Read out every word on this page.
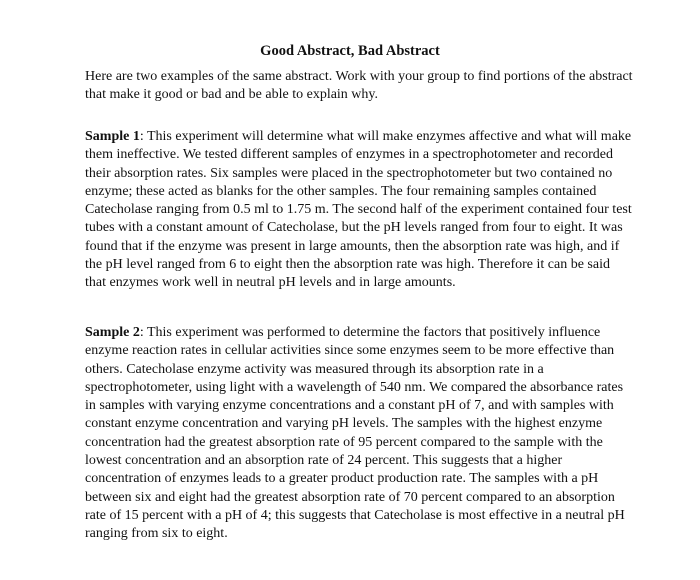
Good Abstract, Bad Abstract

Here are two examples of the same abstract. Work with your group to find portions of the abstract that make it good or bad and be able to explain why.

Sample 1: This experiment will determine what will make enzymes affective and what will make them ineffective. We tested different samples of enzymes in a spectrophotometer and recorded their absorption rates. Six samples were placed in the spectrophotometer but two contained no enzyme; these acted as blanks for the other samples. The four remaining samples contained Catecholase ranging from 0.5 ml to 1.75 m. The second half of the experiment contained four test tubes with a constant amount of Catecholase, but the pH levels ranged from four to eight. It was found that if the enzyme was present in large amounts, then the absorption rate was high, and if the pH level ranged from 6 to eight then the absorption rate was high. Therefore it can be said that enzymes work well in neutral pH levels and in large amounts.

Sample 2: This experiment was performed to determine the factors that positively influence enzyme reaction rates in cellular activities since some enzymes seem to be more effective than others. Catecholase enzyme activity was measured through its absorption rate in a spectrophotometer, using light with a wavelength of 540 nm. We compared the absorbance rates in samples with varying enzyme concentrations and a constant pH of 7, and with samples with constant enzyme concentration and varying pH levels. The samples with the highest enzyme concentration had the greatest absorption rate of 95 percent compared to the sample with the lowest concentration and an absorption rate of 24 percent. This suggests that a higher concentration of enzymes leads to a greater product production rate. The samples with a pH between six and eight had the greatest absorption rate of 70 percent compared to an absorption rate of 15 percent with a pH of 4; this suggests that Catecholase is most effective in a neutral pH ranging from six to eight.
